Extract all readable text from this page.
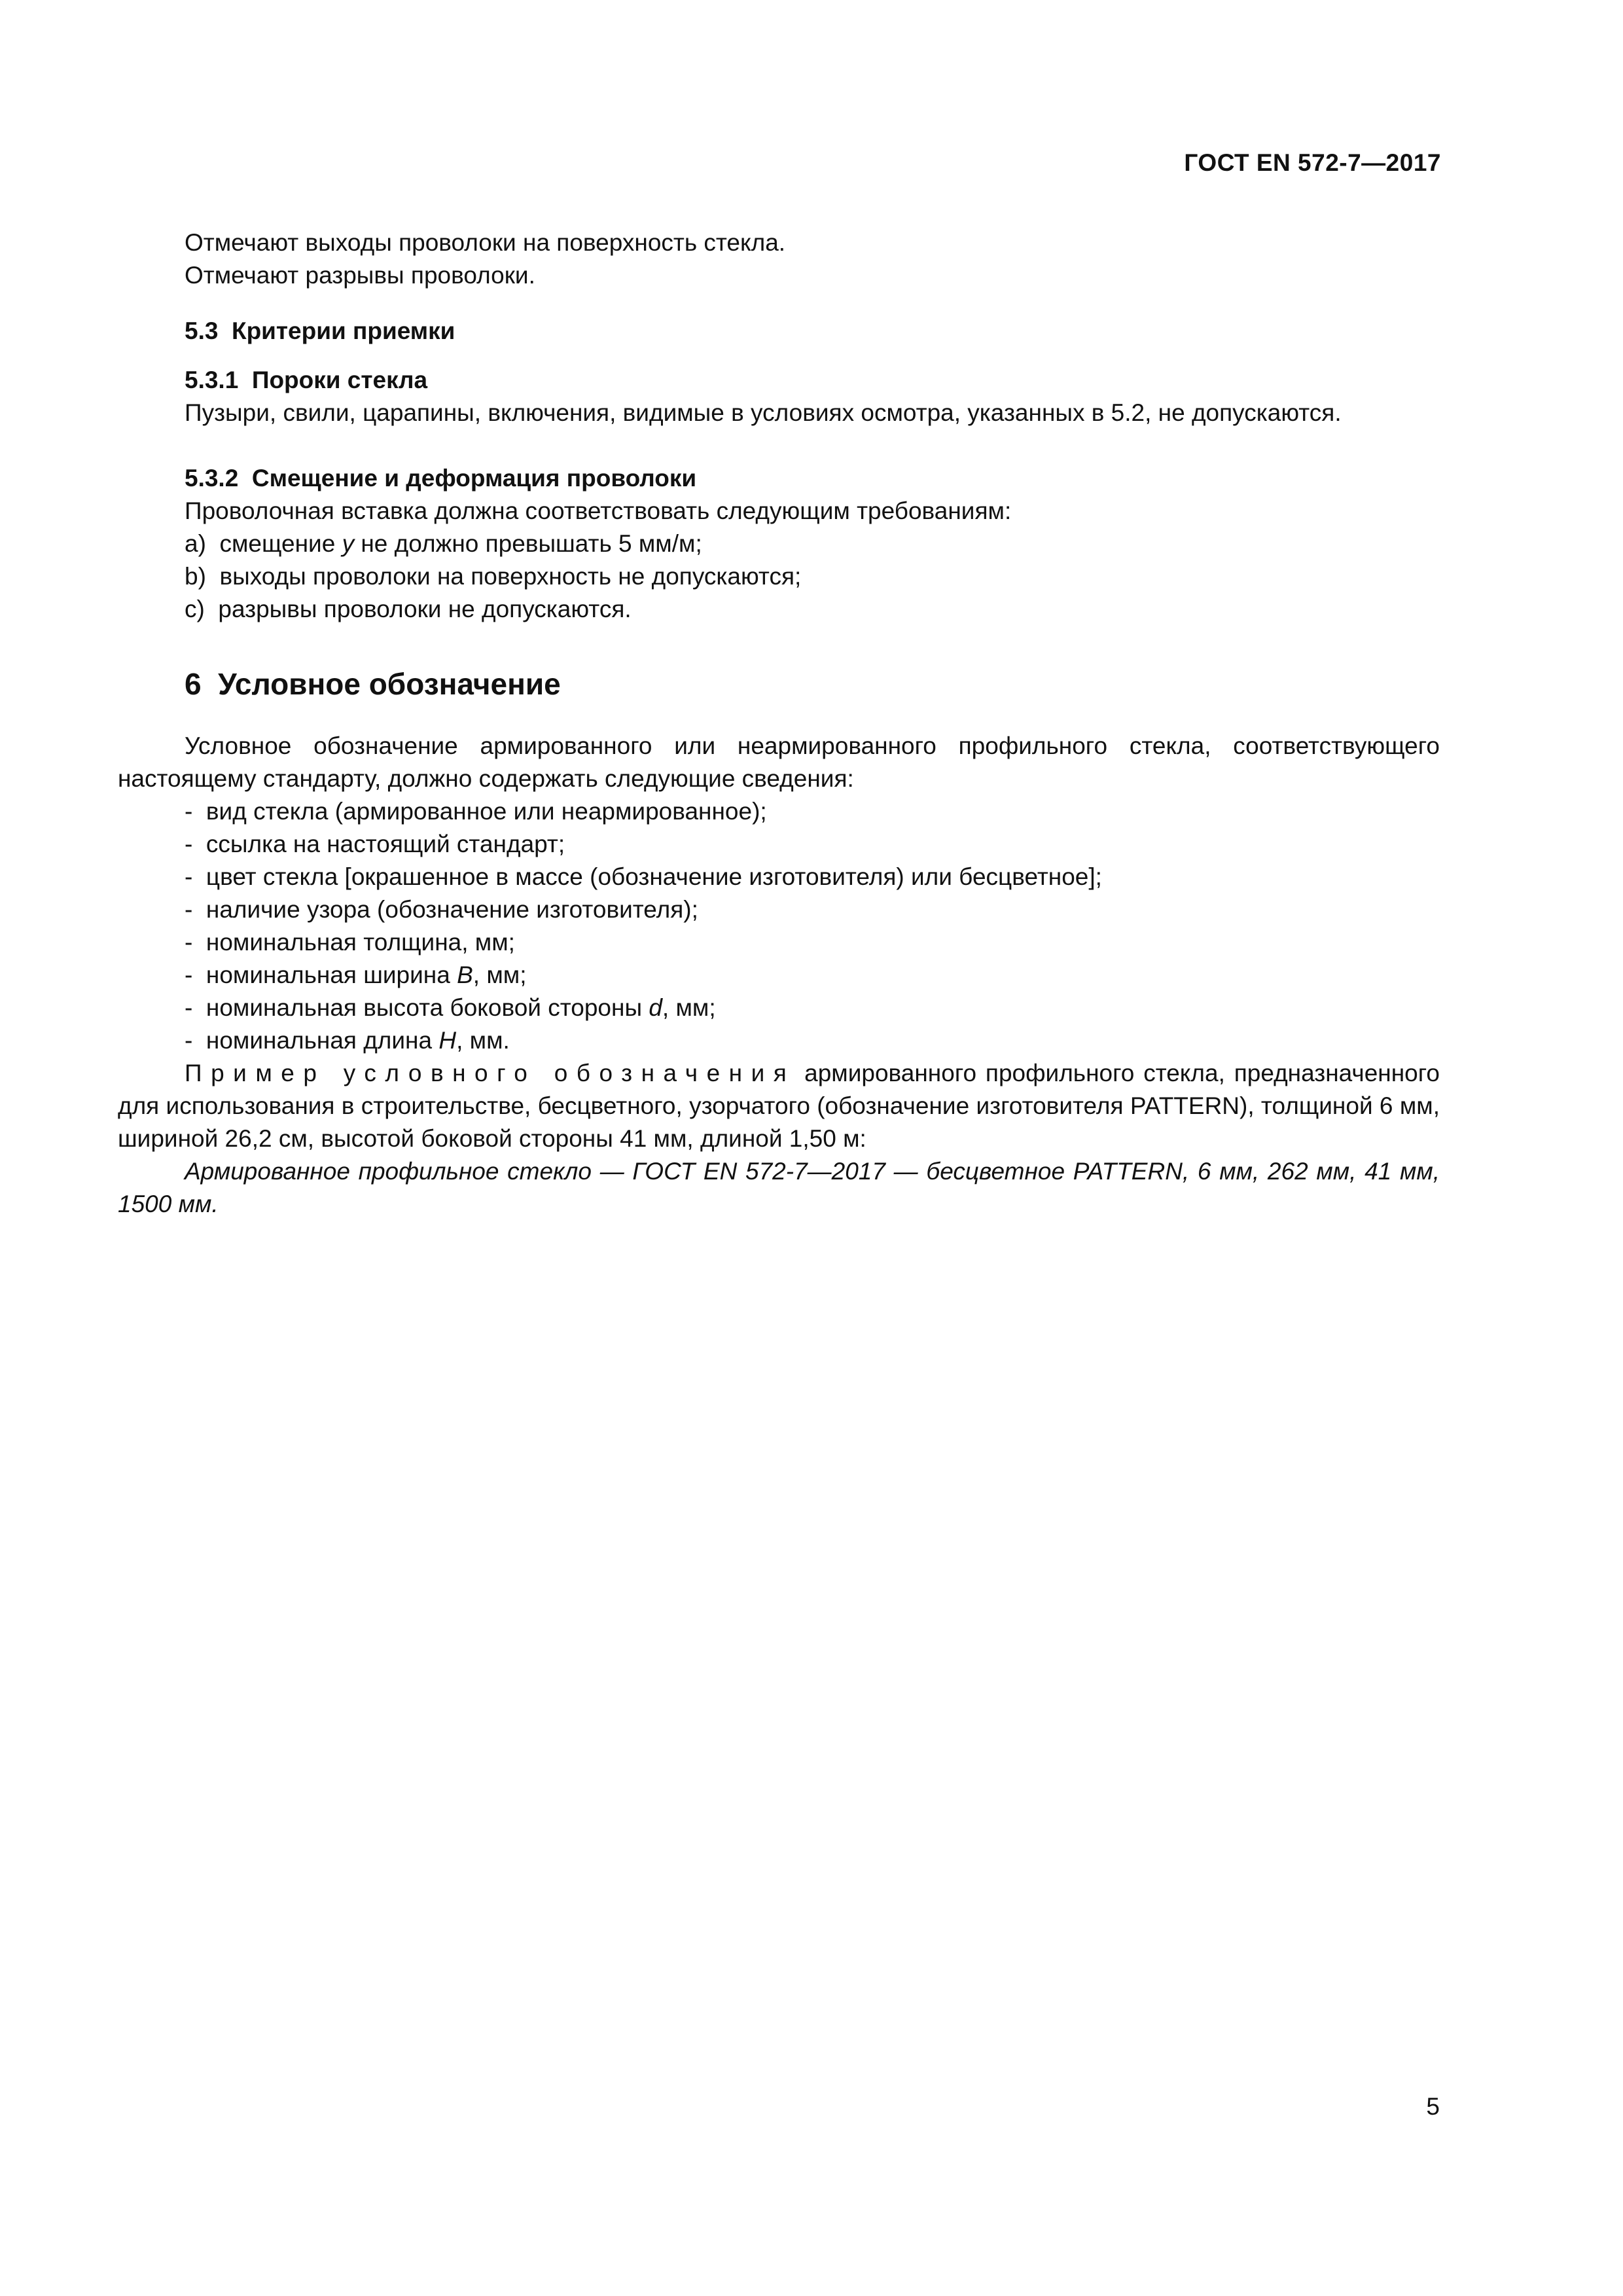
ГОСТ EN 572-7—2017

Отмечают выходы проволоки на поверхность стекла.

Отмечают разрывы проволоки.

5.3 Критерии приемки

5.3.1 Пороки стекла

Пузыри, свили, царапины, включения, видимые в условиях осмотра, указанных в 5.2, не допускаются.

5.3.2 Смещение и деформация проволоки

Проволочная вставка должна соответствовать следующим требованиям:

a) смещение y не должно превышать 5 мм/м;

b) выходы проволоки на поверхность не допускаются;

c) разрывы проволоки не допускаются.

6 Условное обозначение

Условное обозначение армированного или неармированного профильного стекла, соответствующего настоящему стандарту, должно содержать следующие сведения:

- вид стекла (армированное или неармированное);

- ссылка на настоящий стандарт;

- цвет стекла [окрашенное в массе (обозначение изготовителя) или бесцветное];

- наличие узора (обозначение изготовителя);

- номинальная толщина, мм;

- номинальная ширина B, мм;

- номинальная высота боковой стороны d, мм;

- номинальная длина H, мм.

Пример условного обозначения армированного профильного стекла, предназначенного для использования в строительстве, бесцветного, узорчатого (обозначение изготовителя PATTERN), толщиной 6 мм, шириной 26,2 см, высотой боковой стороны 41 мм, длиной 1,50 м:

Армированное профильное стекло — ГОСТ EN 572-7—2017 — бесцветное PATTERN, 6 мм, 262 мм, 41 мм, 1500 мм.

5
